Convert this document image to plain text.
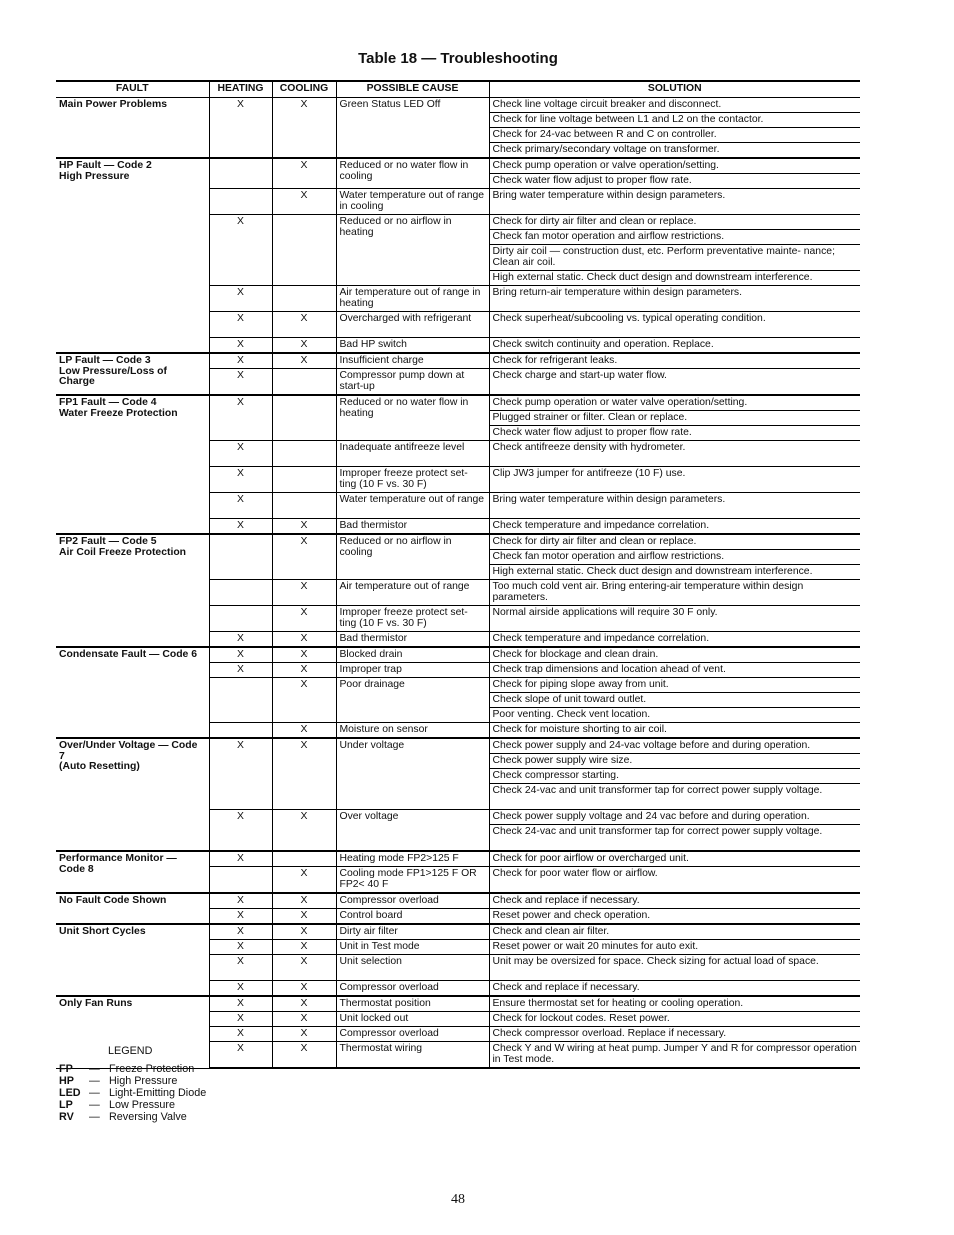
Table 18 — Troubleshooting
FAULT	HEATING	COOLING	POSSIBLE CAUSE	SOLUTION
Main Power Problems	X	X	Green Status LED Off	Check line voltage circuit breaker and disconnect.
				Check for line voltage between L1 and L2 on the contactor.
				Check for 24-vac between R and C on controller.
				Check primary/secondary voltage on transformer.
HP Fault — Code 2
High Pressure		X	Reduced or no water flow in cooling	Check pump operation or valve operation/setting.
				Check water flow adjust to proper flow rate.
		X	Water temperature out of range in cooling	Bring water temperature within design parameters.
	X		Reduced or no airflow in heating	Check for dirty air filter and clean or replace.
				Check fan motor operation and airflow restrictions.
				Dirty air coil — construction dust, etc. Perform preventative mainte- nance; Clean air coil.
				High external static. Check duct design and downstream interference.
	X		Air temperature out of range in heating	Bring return-air temperature within design parameters.
	X	X	Overcharged with refrigerant	Check superheat/subcooling vs. typical operating condition.
	X	X	Bad HP switch	Check switch continuity and operation. Replace.
LP Fault — Code 3
Low Pressure/Loss of Charge	X	X	Insufficient charge	Check for refrigerant leaks.
	X		Compressor pump down at start-up	Check charge and start-up water flow.
FP1 Fault — Code 4
Water Freeze Protection	X		Reduced or no water flow in heating	Check pump operation or water valve operation/setting.
				Plugged strainer or filter. Clean or replace.
				Check water flow adjust to proper flow rate.
	X		Inadequate antifreeze level	Check antifreeze density with hydrometer.
	X		Improper freeze protect set- ting (10 F vs. 30 F)	Clip JW3 jumper for antifreeze (10 F) use.
	X		Water temperature out of range	Bring water temperature within design parameters.
	X	X	Bad thermistor	Check temperature and impedance correlation.
FP2 Fault — Code 5
Air Coil Freeze Protection		X	Reduced or no airflow in cooling	Check for dirty air filter and clean or replace.
				Check fan motor operation and airflow restrictions.
				High external static. Check duct design and downstream interference.
		X	Air temperature out of range	Too much cold vent air. Bring entering-air temperature within design parameters.
		X	Improper freeze protect set- ting (10 F vs. 30 F)	Normal airside applications will require 30 F only.
	X	X	Bad thermistor	Check temperature and impedance correlation.
Condensate Fault — Code 6	X	X	Blocked drain	Check for blockage and clean drain.
	X	X	Improper trap	Check trap dimensions and location ahead of vent.
		X	Poor drainage	Check for piping slope away from unit.
				Check slope of unit toward outlet.
				Poor venting. Check vent location.
		X	Moisture on sensor	Check for moisture shorting to air coil.
Over/Under Voltage — Code 7
(Auto Resetting)	X	X	Under voltage	Check power supply and 24-vac voltage before and during operation.
				Check power supply wire size.
				Check compressor starting.
				Check 24-vac and unit transformer tap for correct power supply voltage.
	X	X	Over voltage	Check power supply voltage and 24 vac before and during operation.
				Check 24-vac and unit transformer tap for correct power supply voltage.
Performance Monitor — Code 8	X		Heating mode FP2>125 F	Check for poor airflow or overcharged unit.
		X	Cooling mode FP1>125 F OR FP2< 40 F	Check for poor water flow or airflow.
No Fault Code Shown	X	X	Compressor overload	Check and replace if necessary.
	X	X	Control board	Reset power and check operation.
Unit Short Cycles	X	X	Dirty air filter	Check and clean air filter.
	X	X	Unit in Test mode	Reset power or wait 20 minutes for auto exit.
	X	X	Unit selection	Unit may be oversized for space. Check sizing for actual load of space.
	X	X	Compressor overload	Check and replace if necessary.
Only Fan Runs	X	X	Thermostat position	Ensure thermostat set for heating or cooling operation.
	X	X	Unit locked out	Check for lockout codes. Reset power.
	X	X	Compressor overload	Check compressor overload. Replace if necessary.
	X	X	Thermostat wiring	Check Y and W wiring at heat pump. Jumper Y and R for compressor operation in Test mode.
LEGEND
FP	— Freeze Protection
HP	— High Pressure
LED — Light-Emitting Diode
LP	— Low Pressure
RV	— Reversing Valve
48
